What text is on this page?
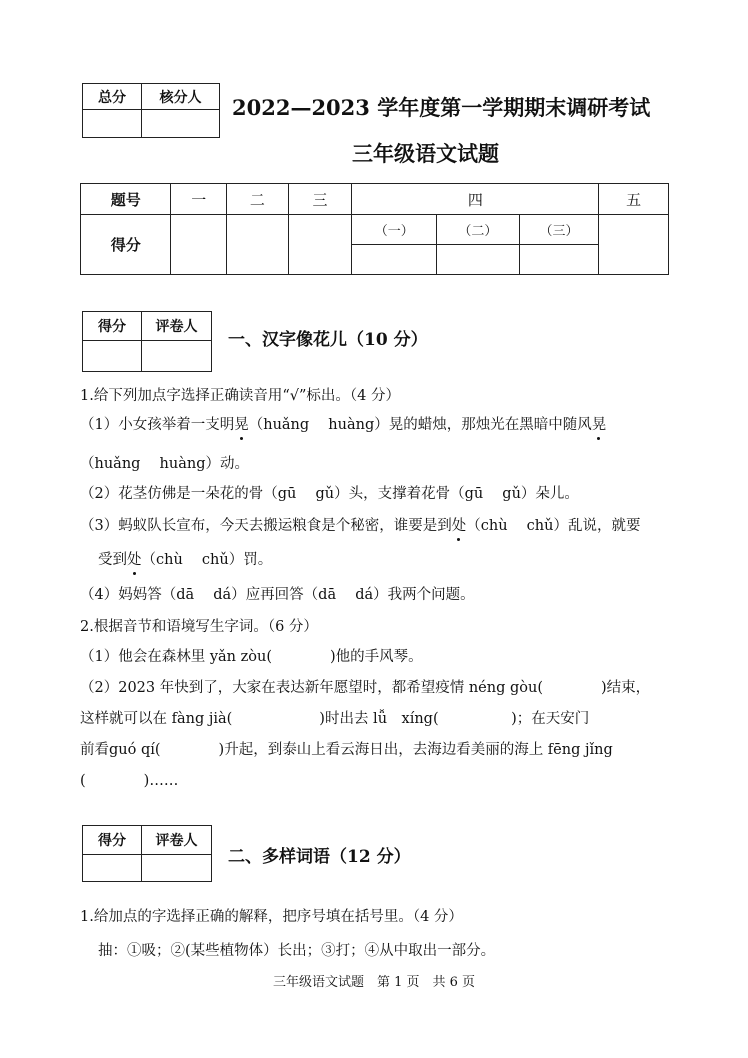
总分	核分人
	2022—2023 学年度第一学期期末调研考试
三年级语文试题
题号	一	二	三	四			五
得分				（一）	（二）	（三）	

得分	评卷人

一、汉字像花儿（10 分）
1.给下列加点字选择正确读音用“√”标出。（4 分）
（1）小女孩举着一支明晃（huǎng　 huàng）晃的蜡烛，那烛光在黑暗中随风晃
（huǎng　 huàng）动。
（2）花茎仿佛是一朵花的骨（gū　 gǔ）头，支撑着花骨（gū　 gǔ）朵儿。
（3）蚂蚁队长宣布，今天去搬运粮食是个秘密，谁要是到处（chù　 chǔ）乱说，就要
受到处（chù　 chǔ）罚。
（4）妈妈答（dā　 dá）应再回答（dā　 dá）我两个问题。
2.根据音节和语境写生字词。（6 分）
（1）他会在森林里 yǎn zòu(　　　　)他的手风琴。
（2）2023 年快到了，大家在表达新年愿望时，都希望疫情 néng gòu(　　　　)结束，
这样就可以在 fàng jià(　　　　　　)时出去 lǚ　xíng(　　　　　)；在天安门
前看guó qí(　　　　)升起，到泰山上看云海日出，去海边看美丽的海上 fēng jǐng
(　　　　)……
得分	评卷人

二、多样词语（12 分）
1.给加点的字选择正确的解释，把序号填在括号里。（4 分）
抽：①吸；②(某些植物体）长出；③打；④从中取出一部分。
三年级语文试题　第 1 页　共 6 页
